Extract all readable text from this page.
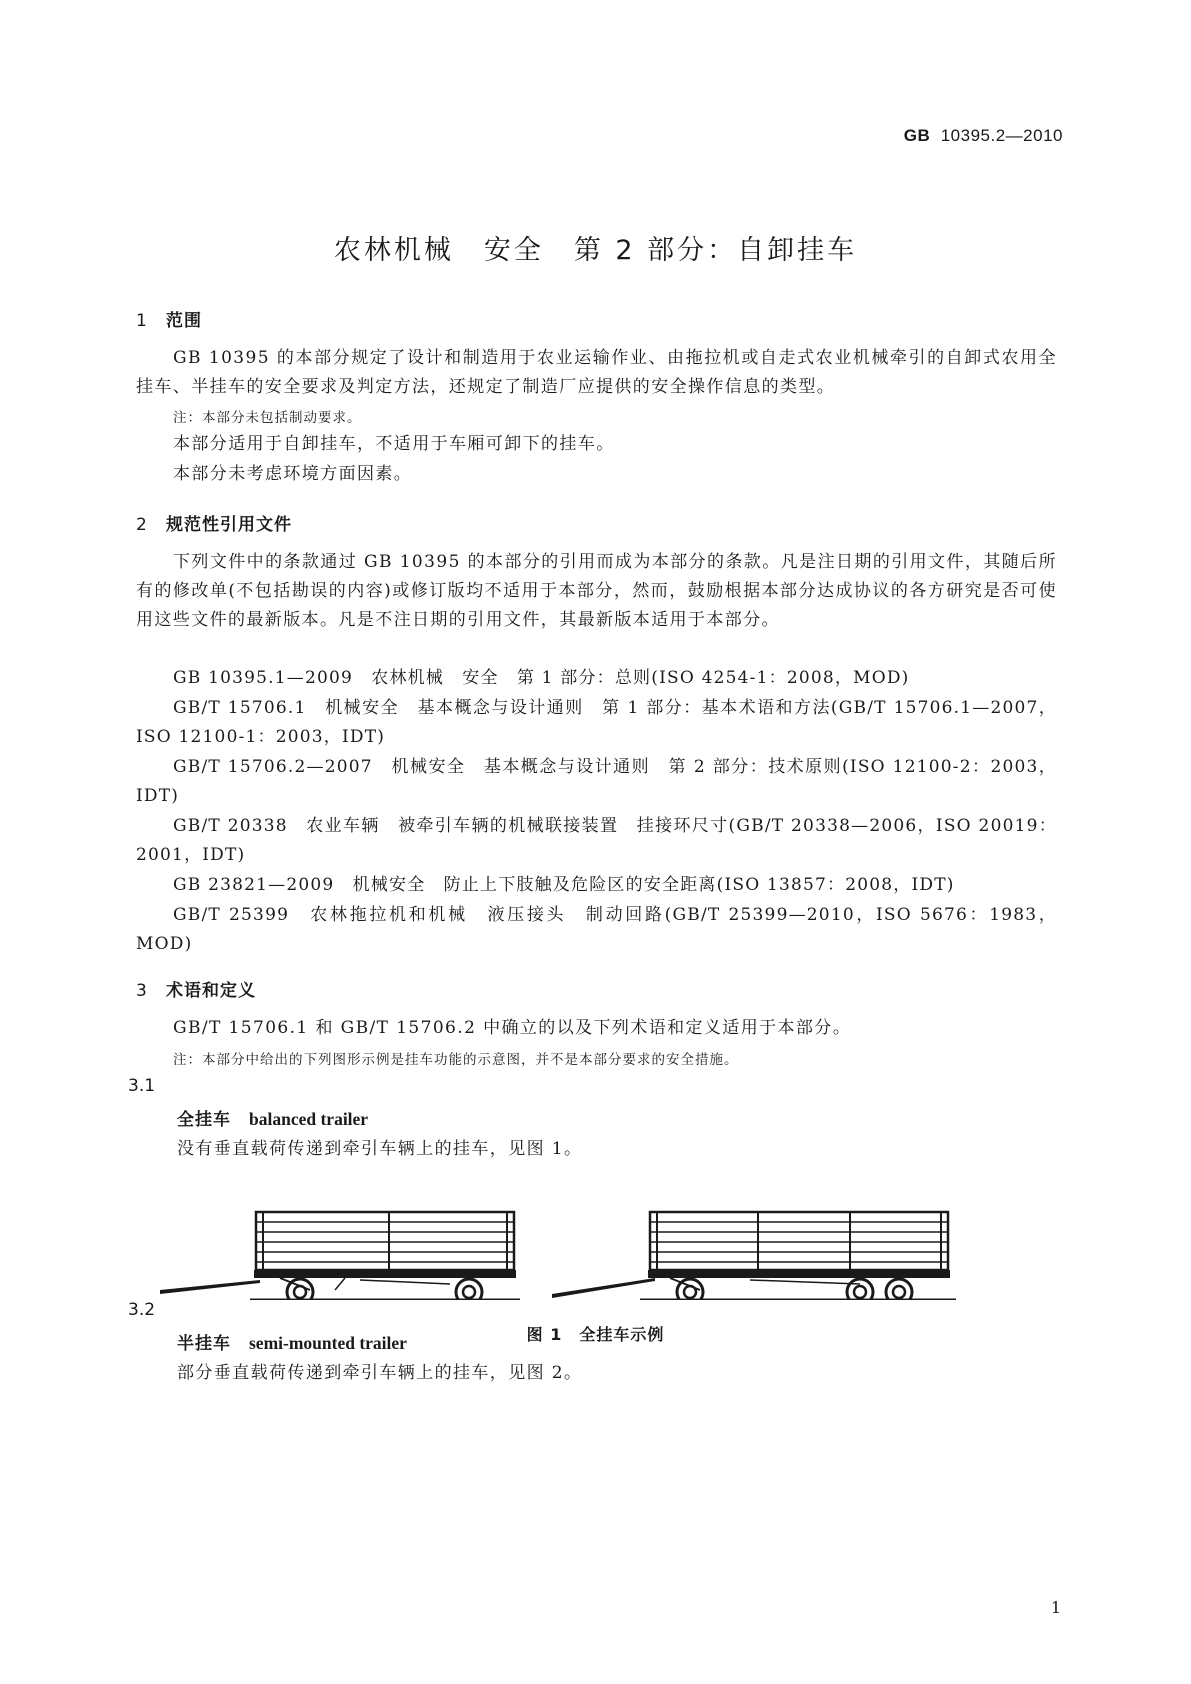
GB 10395.2—2010
农林机械　安全　第 2 部分：自卸挂车
1 范围
GB 10395 的本部分规定了设计和制造用于农业运输作业、由拖拉机或自走式农业机械牵引的自卸式农用全挂车、半挂车的安全要求及判定方法，还规定了制造厂应提供的安全操作信息的类型。
注：本部分未包括制动要求。
本部分适用于自卸挂车，不适用于车厢可卸下的挂车。
本部分未考虑环境方面因素。
2 规范性引用文件
下列文件中的条款通过 GB 10395 的本部分的引用而成为本部分的条款。凡是注日期的引用文件，其随后所有的修改单(不包括勘误的内容)或修订版均不适用于本部分，然而，鼓励根据本部分达成协议的各方研究是否可使用这些文件的最新版本。凡是不注日期的引用文件，其最新版本适用于本部分。
GB 10395.1—2009　农林机械　安全　第 1 部分：总则(ISO 4254-1：2008，MOD)
GB/T 15706.1　机械安全　基本概念与设计通则　第 1 部分：基本术语和方法(GB/T 15706.1—2007，ISO 12100-1：2003，IDT)
GB/T 15706.2—2007　机械安全　基本概念与设计通则　第 2 部分：技术原则(ISO 12100-2：2003，IDT)
GB/T 20338　农业车辆　被牵引车辆的机械联接装置　挂接环尺寸(GB/T 20338—2006，ISO 20019：2001，IDT)
GB 23821—2009　机械安全　防止上下肢触及危险区的安全距离(ISO 13857：2008，IDT)
GB/T 25399　农林拖拉机和机械　液压接头　制动回路(GB/T 25399—2010，ISO 5676：1983，MOD)
3 术语和定义
GB/T 15706.1 和 GB/T 15706.2 中确立的以及下列术语和定义适用于本部分。
注：本部分中给出的下列图形示例是挂车功能的示意图，并不是本部分要求的安全措施。
3.1
全挂车 balanced trailer
没有垂直载荷传递到牵引车辆上的挂车，见图 1。
图 1　全挂车示例
3.2
半挂车 semi-mounted trailer
部分垂直载荷传递到牵引车辆上的挂车，见图 2。
1
